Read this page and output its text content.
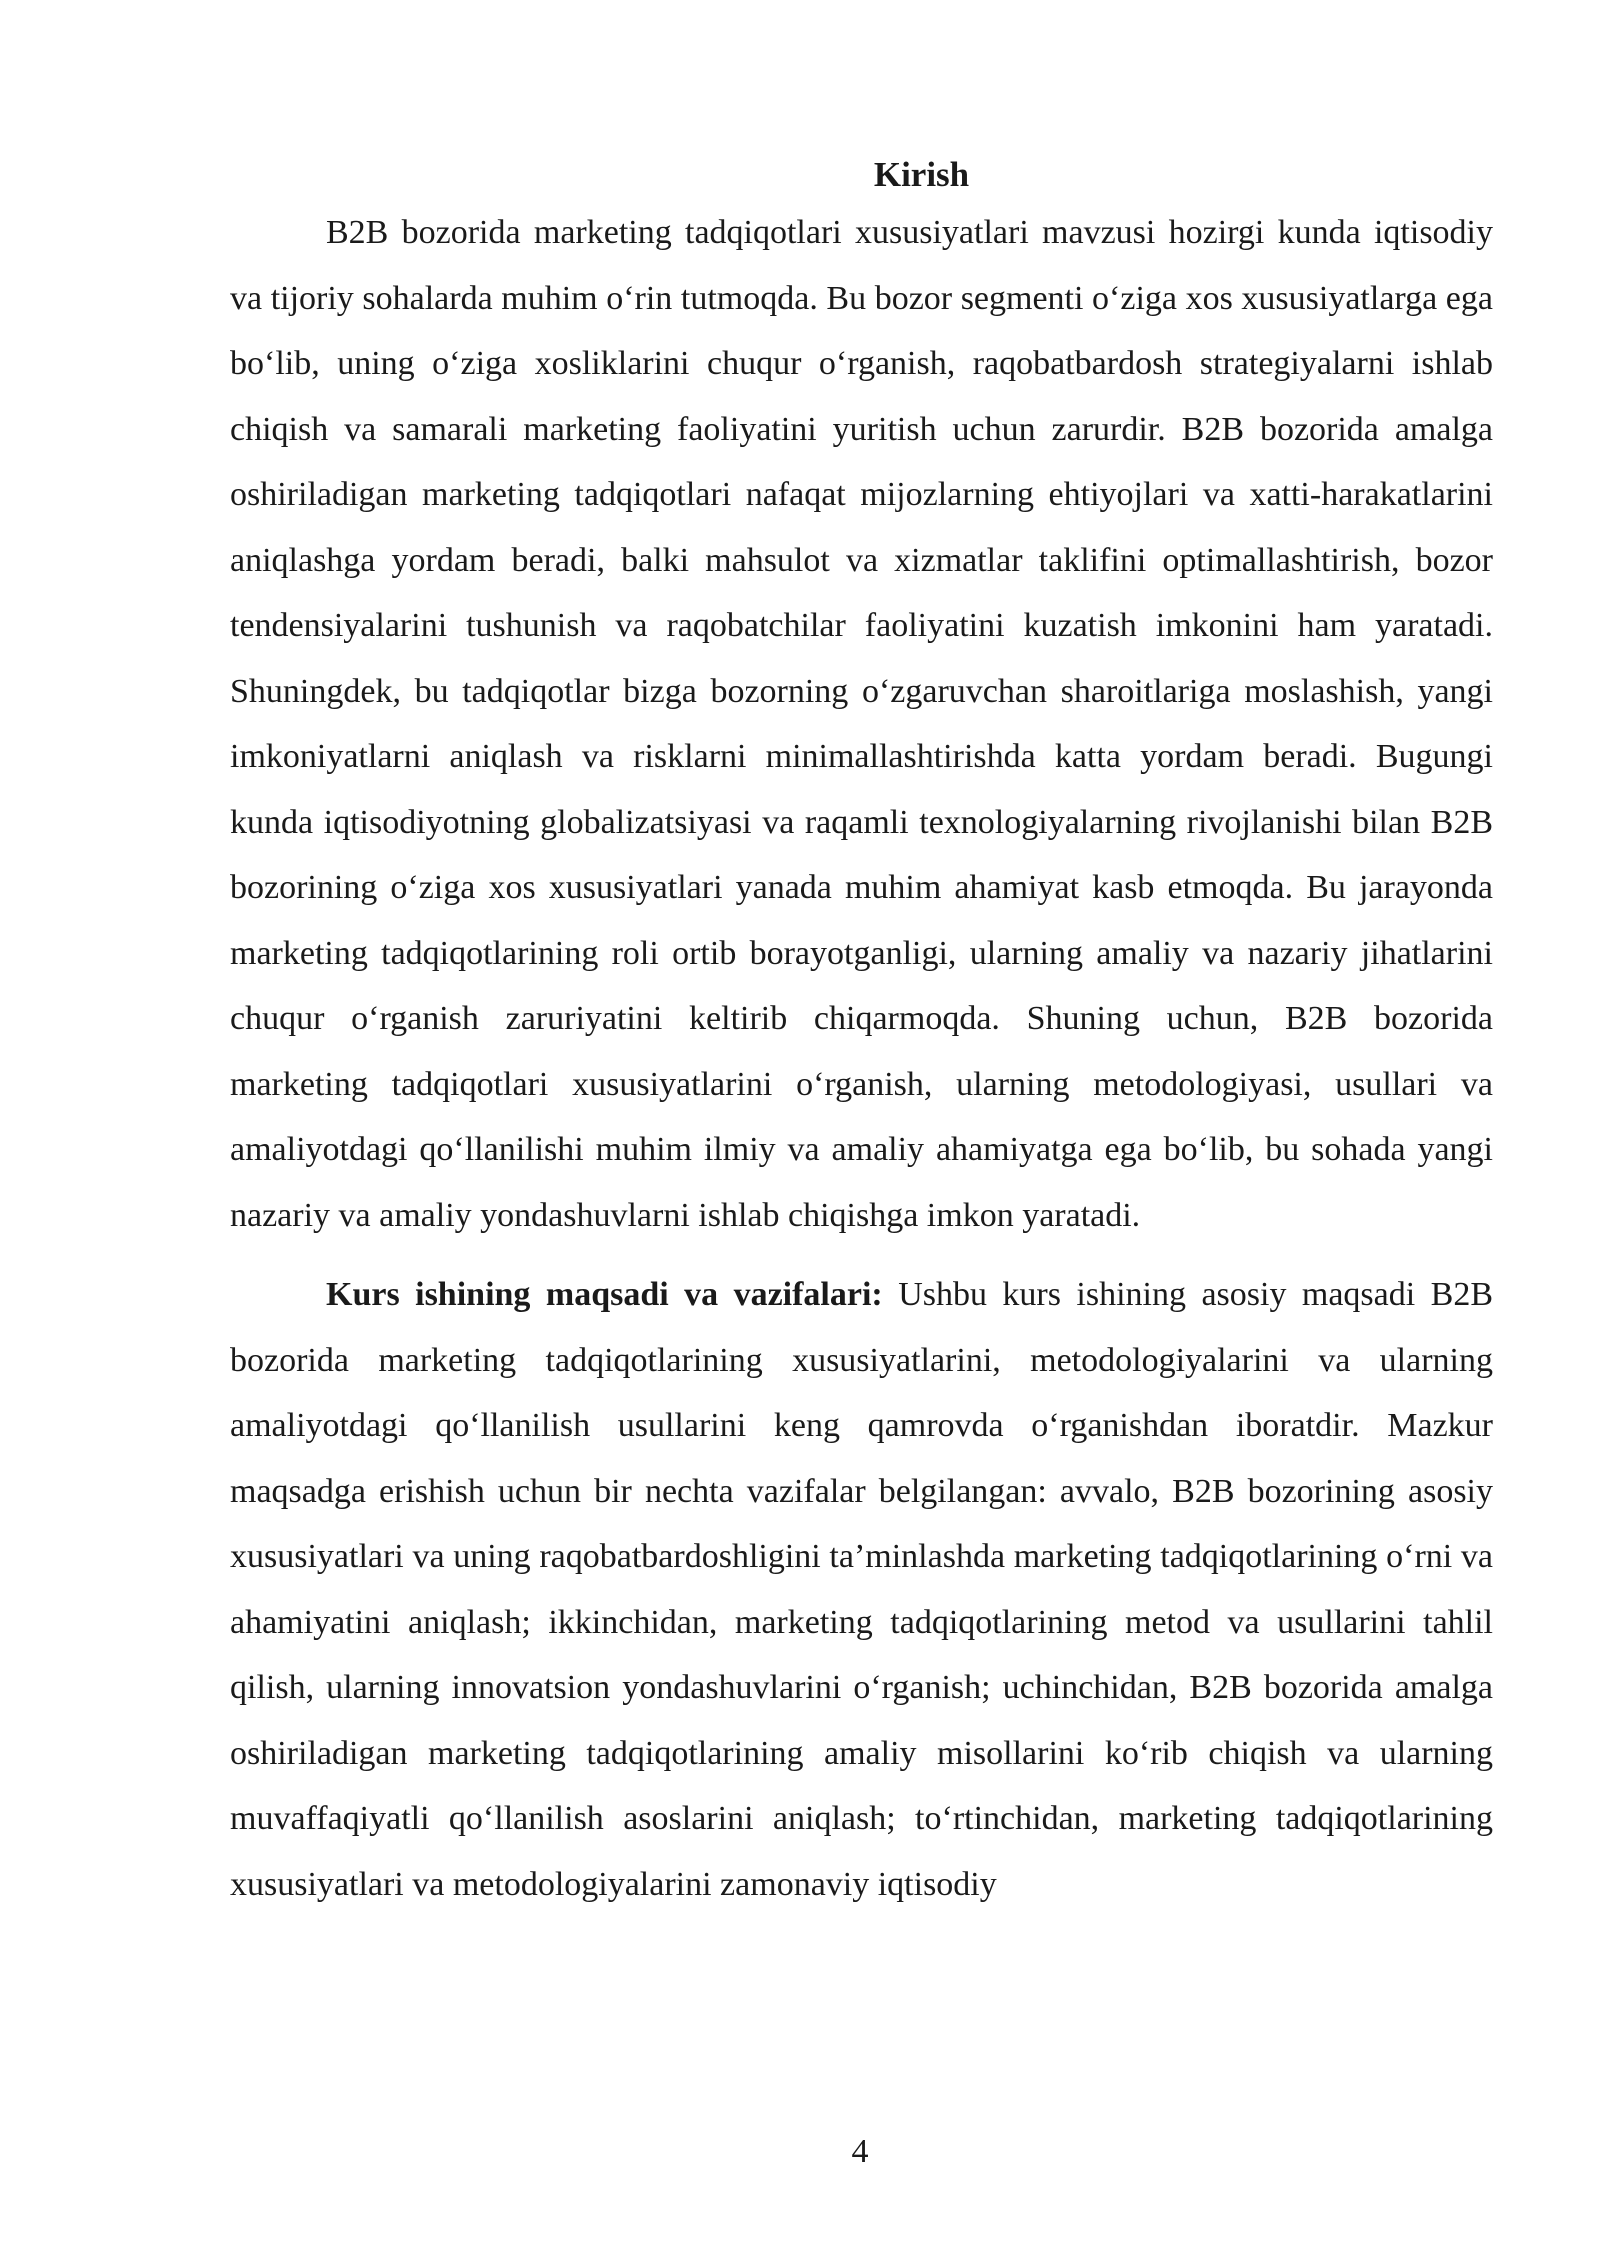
Kirish

B2B bozorida marketing tadqiqotlari xususiyatlari mavzusi hozirgi kunda iqtisodiy va tijoriy sohalarda muhim o‘rin tutmoqda. Bu bozor segmenti o‘ziga xos xususiyatlarga ega bo‘lib, uning o‘ziga xosliklarini chuqur o‘rganish, raqobatbardosh strategiyalarni ishlab chiqish va samarali marketing faoliyatini yuritish uchun zarurdir. B2B bozorida amalga oshiriladigan marketing tadqiqotlari nafaqat mijozlarning ehtiyojlari va xatti-harakatlarini aniqlashga yordam beradi, balki mahsulot va xizmatlar taklifini optimallashtirish, bozor tendensiyalarini tushunish va raqobatchilar faoliyatini kuzatish imkonini ham yaratadi. Shuningdek, bu tadqiqotlar bizga bozorning o‘zgaruvchan sharoitlariga moslashish, yangi imkoniyatlarni aniqlash va risklarni minimallashtirishda katta yordam beradi. Bugungi kunda iqtisodiyotning globalizatsiyasi va raqamli texnologiyalarning rivojlanishi bilan B2B bozorining o‘ziga xos xususiyatlari yanada muhim ahamiyat kasb etmoqda. Bu jarayonda marketing tadqiqotlarining roli ortib borayotganligi, ularning amaliy va nazariy jihatlarini chuqur o‘rganish zaruriyatini keltirib chiqarmoqda. Shuning uchun, B2B bozorida marketing tadqiqotlari xususiyatlarini o‘rganish, ularning metodologiyasi, usullari va amaliyotdagi qo‘llanilishi muhim ilmiy va amaliy ahamiyatga ega bo‘lib, bu sohada yangi nazariy va amaliy yondashuvlarni ishlab chiqishga imkon yaratadi.

Kurs ishining maqsadi va vazifalari: Ushbu kurs ishining asosiy maqsadi B2B bozorida marketing tadqiqotlarining xususiyatlarini, metodologiyalarini va ularning amaliyotdagi qo‘llanilish usullarini keng qamrovda o‘rganishdan iboratdir. Mazkur maqsadga erishish uchun bir nechta vazifalar belgilangan: avvalo, B2B bozorining asosiy xususiyatlari va uning raqobatbardoshligini ta’minlashda marketing tadqiqotlarining o‘rni va ahamiyatini aniqlash; ikkinchidan, marketing tadqiqotlarining metod va usullarini tahlil qilish, ularning innovatsion yondashuvlarini o‘rganish; uchinchidan, B2B bozorida amalga oshiriladigan marketing tadqiqotlarining amaliy misollarini ko‘rib chiqish va ularning muvaffaqiyatli qo‘llanilish asoslarini aniqlash; to‘rtinchidan, marketing tadqiqotlarining xususiyatlari va metodologiyalarini zamonaviy iqtisodiy

4
